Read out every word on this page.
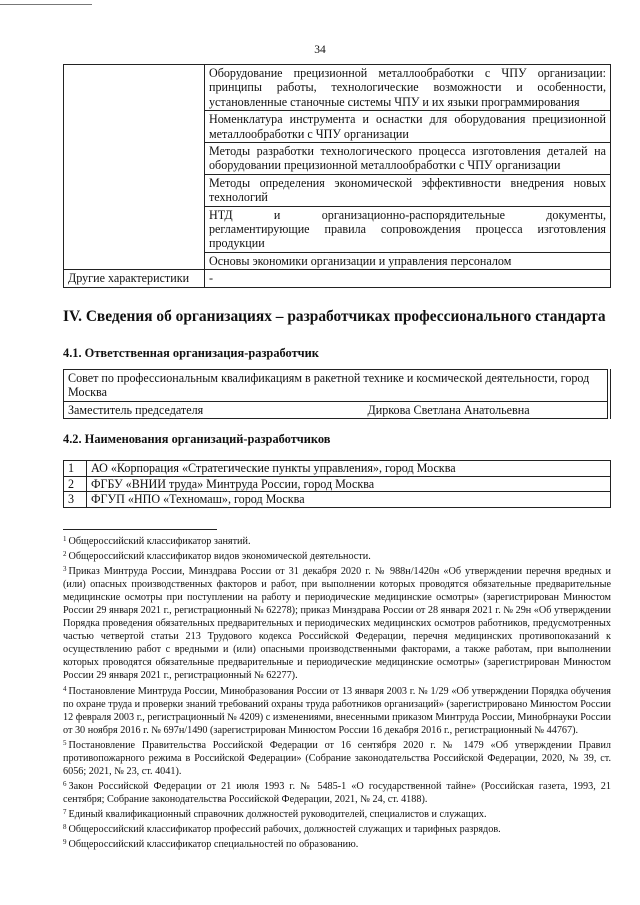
34
	Оборудование прецизионной металлообработки с ЧПУ организации: принципы работы, технологические возможности и особенности, установленные станочные системы ЧПУ и их языки программирования
	Номенклатура инструмента и оснастки для оборудования прецизионной металлообработки с ЧПУ организации
	Методы разработки технологического процесса изготовления деталей на оборудовании прецизионной металлообработки с ЧПУ организации
	Методы определения экономической эффективности внедрения новых технологий

	НТД и организационно-распорядительные документы,
регламентирующие правила сопровождения процесса изготовления продукции

	Основы экономики организации и управления персоналом
Другие характеристики	-
IV. Сведения об организациях – разработчиках профессионального стандарта
4.1. Ответственная организация-разработчик
Совет по профессиональным квалификациям в ракетной технике и космической деятельности, город Москва
Заместитель председателя	Диркова Светлана Анатольевна
4.2. Наименования организаций-разработчиков
1	АО «Корпорация «Стратегические пункты управления», город Москва
2	ФГБУ «ВНИИ труда» Минтруда России, город Москва
3	ФГУП «НПО «Техномаш», город Москва

$^1$ Общероссийский классификатор занятий.

$^2$ Общероссийский классификатор видов экономической деятельности.

$^3$ Приказ Минтруда России, Минздрава России от 31 декабря 2020 г. № 988н/1420н «Об утверждении перечня вредных и (или) опасных производственных факторов и работ, при выполнении которых проводятся обязательные предварительные медицинские осмотры при поступлении на работу и периодические медицинские осмотры» (зарегистрирован Минюстом России 29 января 2021 г., регистрационный № 62278); приказ Минздрава России от 28 января 2021 г. № 29н «Об утверждении Порядка проведения обязательных предварительных и периодических медицинских осмотров работников, предусмотренных частью четвертой статьи 213 Трудового кодекса Российской Федерации, перечня медицинских противопоказаний к осуществлению работ с вредными и (или) опасными производственными факторами, а также работам, при выполнении которых проводятся обязательные предварительные и периодические медицинские осмотры» (зарегистрирован Минюстом России 29 января 2021 г., регистрационный № 62277).

$^4$ Постановление Минтруда России, Минобразования России от 13 января 2003 г. № 1/29 «Об утверждении Порядка обучения по охране труда и проверки знаний требований охраны труда работников организаций» (зарегистрировано Минюстом России 12 февраля 2003 г., регистрационный № 4209) с изменениями, внесенными приказом Минтруда России, Минобрнауки России от 30 ноября 2016 г. № 697н/1490 (зарегистрирован Минюстом России 16 декабря 2016 г., регистрационный № 44767).

$^5$ Постановление Правительства Российской Федерации от 16 сентября 2020 г. № 1479 «Об утверждении Правил противопожарного режима в Российской Федерации» (Собрание законодательства Российской Федерации, 2020, № 39, ст. 6056; 2021, № 23, ст. 4041).

$^6$ Закон Российской Федерации от 21 июля 1993 г. № 5485-1 «О государственной тайне» (Российская газета, 1993, 21 сентября; Собрание законодательства Российской Федерации, 2021, № 24, ст. 4188).

$^7$ Единый квалификационный справочник должностей руководителей, специалистов и служащих.

$^8$ Общероссийский классификатор профессий рабочих, должностей служащих и тарифных разрядов.

$^9$ Общероссийский классификатор специальностей по образованию.
